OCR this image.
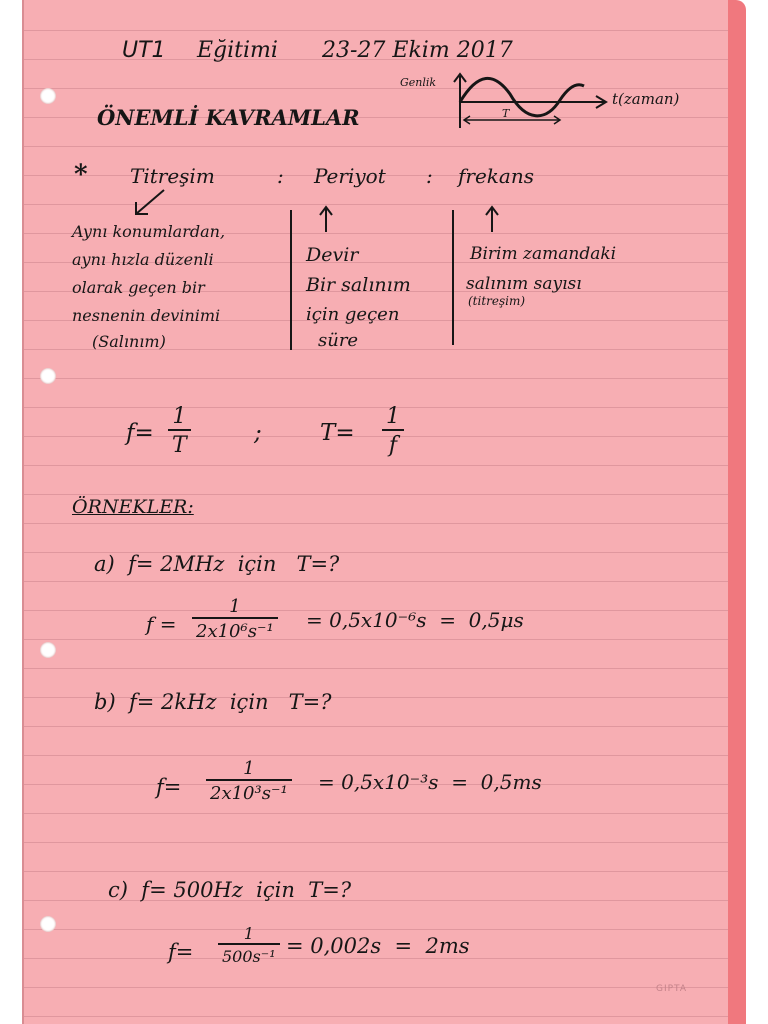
UT1 Eğitimi 23-27 Ekim 2017
ÖNEMLİ KAVRAMLAR
Genlik
t(zaman)
T
* Titreşim	: Periyot : frekans
Aynı konumlardan,
aynı hızla düzenli
olarak geçen bir
nesnenin devinimi
(Salınım)
Devir
Bir salınım
için geçen
süre
Birim zamandaki
salınım sayısı
(titreşim)
$f= \frac{1}{T}$	;	$T= \frac{1}{f}$
ÖRNEKLER:
a)  f= 2MHz  için   T=?
$f = \frac{1}{\text{2x10⁶s⁻¹}} = 0,5x10^{-6}s = 0,5\mu s$
b)  f= 2kHz  için   T=?
$f= \frac{1}{\text{2x10³s⁻¹}} = 0,5x10^{-3}s = 0,5ms$
c)  f= 500Hz  için  T=?
$f= \frac{1}{\text{500s⁻¹}} = 0,002s = 2ms$
GIPTA
